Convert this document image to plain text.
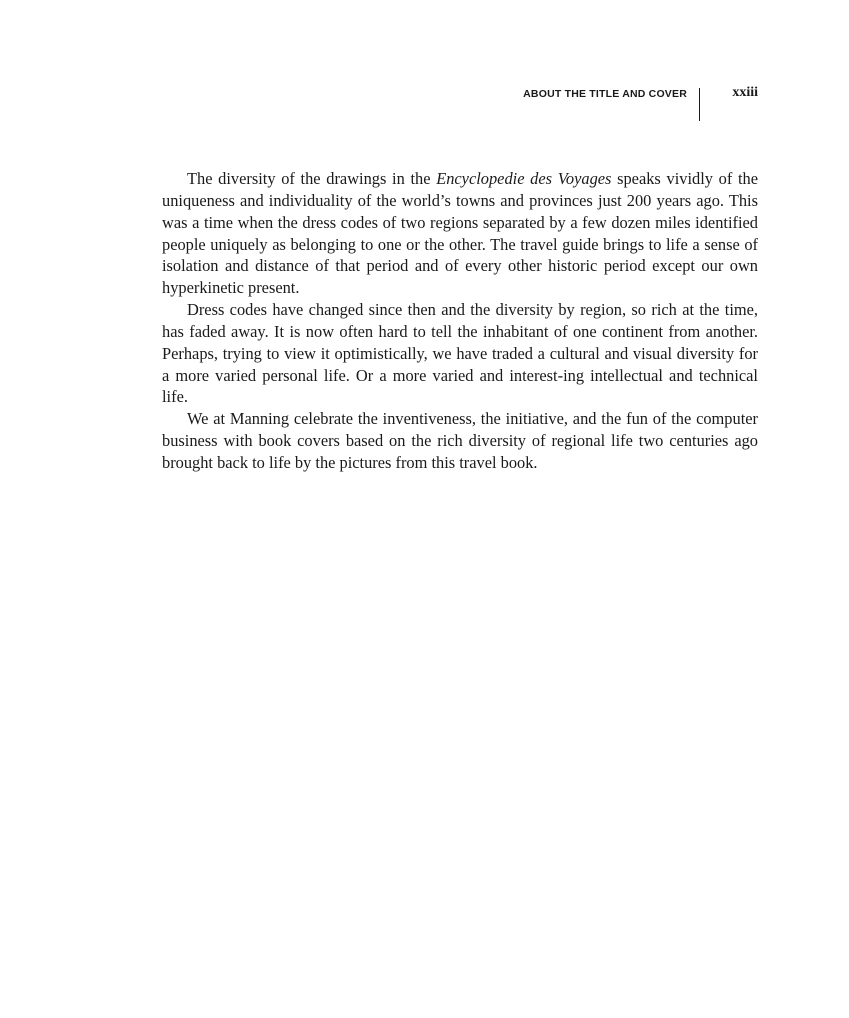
ABOUT THE TITLE AND COVER	xxiii

The diversity of the drawings in the Encyclopedie des Voyages speaks vividly of the uniqueness and individuality of the world’s towns and provinces just 200 years ago. This was a time when the dress codes of two regions separated by a few dozen miles identified people uniquely as belonging to one or the other. The travel guide brings to life a sense of isolation and distance of that period and of every other historic period except our own hyperkinetic present.

Dress codes have changed since then and the diversity by region, so rich at the time, has faded away. It is now often hard to tell the inhabitant of one continent from another. Perhaps, trying to view it optimistically, we have traded a cultural and visual diversity for a more varied personal life. Or a more varied and interest-ing intellectual and technical life.

We at Manning celebrate the inventiveness, the initiative, and the fun of the computer business with book covers based on the rich diversity of regional life two centuries ago brought back to life by the pictures from this travel book.
